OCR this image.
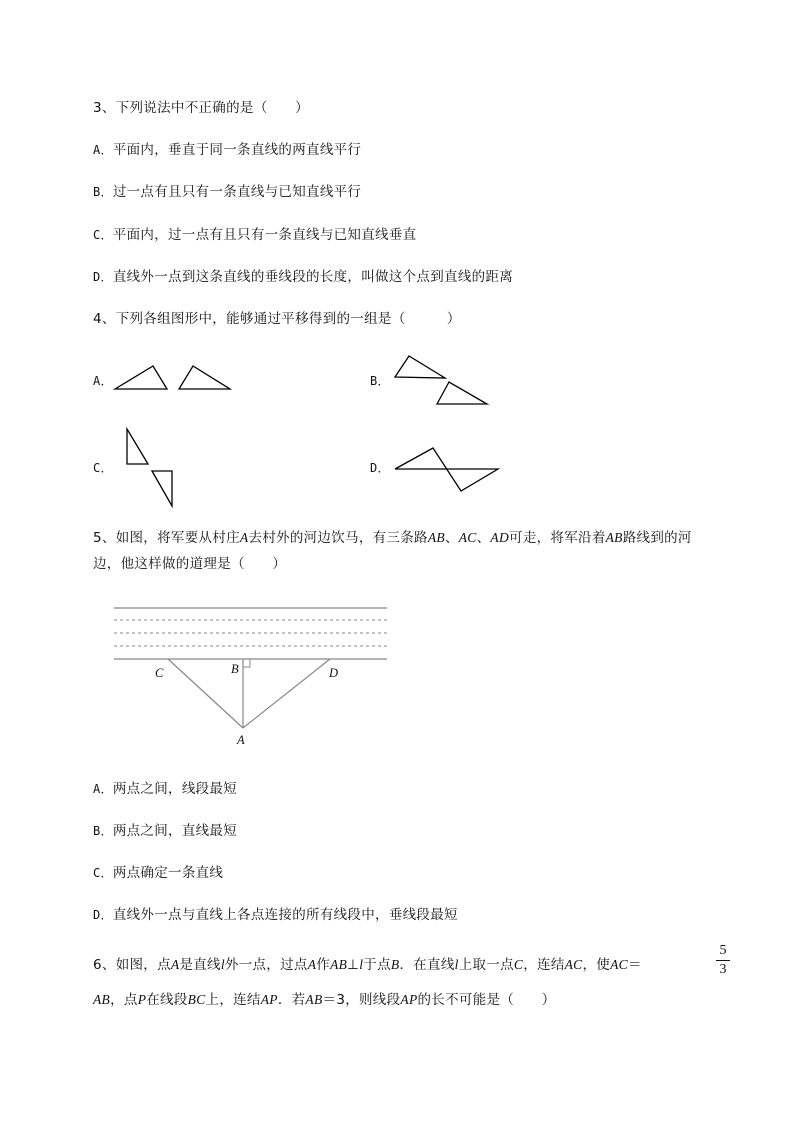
3、下列说法中不正确的是（　　）
A．平面内，垂直于同一条直线的两直线平行
B．过一点有且只有一条直线与已知直线平行
C．平面内，过一点有且只有一条直线与已知直线垂直
D．直线外一点到这条直线的垂线段的长度，叫做这个点到直线的距离
4、下列各组图形中，能够通过平移得到的一组是（　　　）
A．	B．
C．	D．
5、如图，将军要从村庄A去村外的河边饮马，有三条路AB、AC、AD可走，将军沿着AB路线到的河
边，他这样做的道理是（　　）
C	B	D
A
A．两点之间，线段最短
B．两点之间，直线最短
C．两点确定一条直线
D．直线外一点与直线上各点连接的所有线段中，垂线段最短
6、如图，点A是直线l外一点，过点A作AB⊥l于点B．在直线l上取一点C，连结AC，使AC＝
5
3
AB，点P在线段BC上，连结AP．若AB＝3，则线段AP的长不可能是（　　）
